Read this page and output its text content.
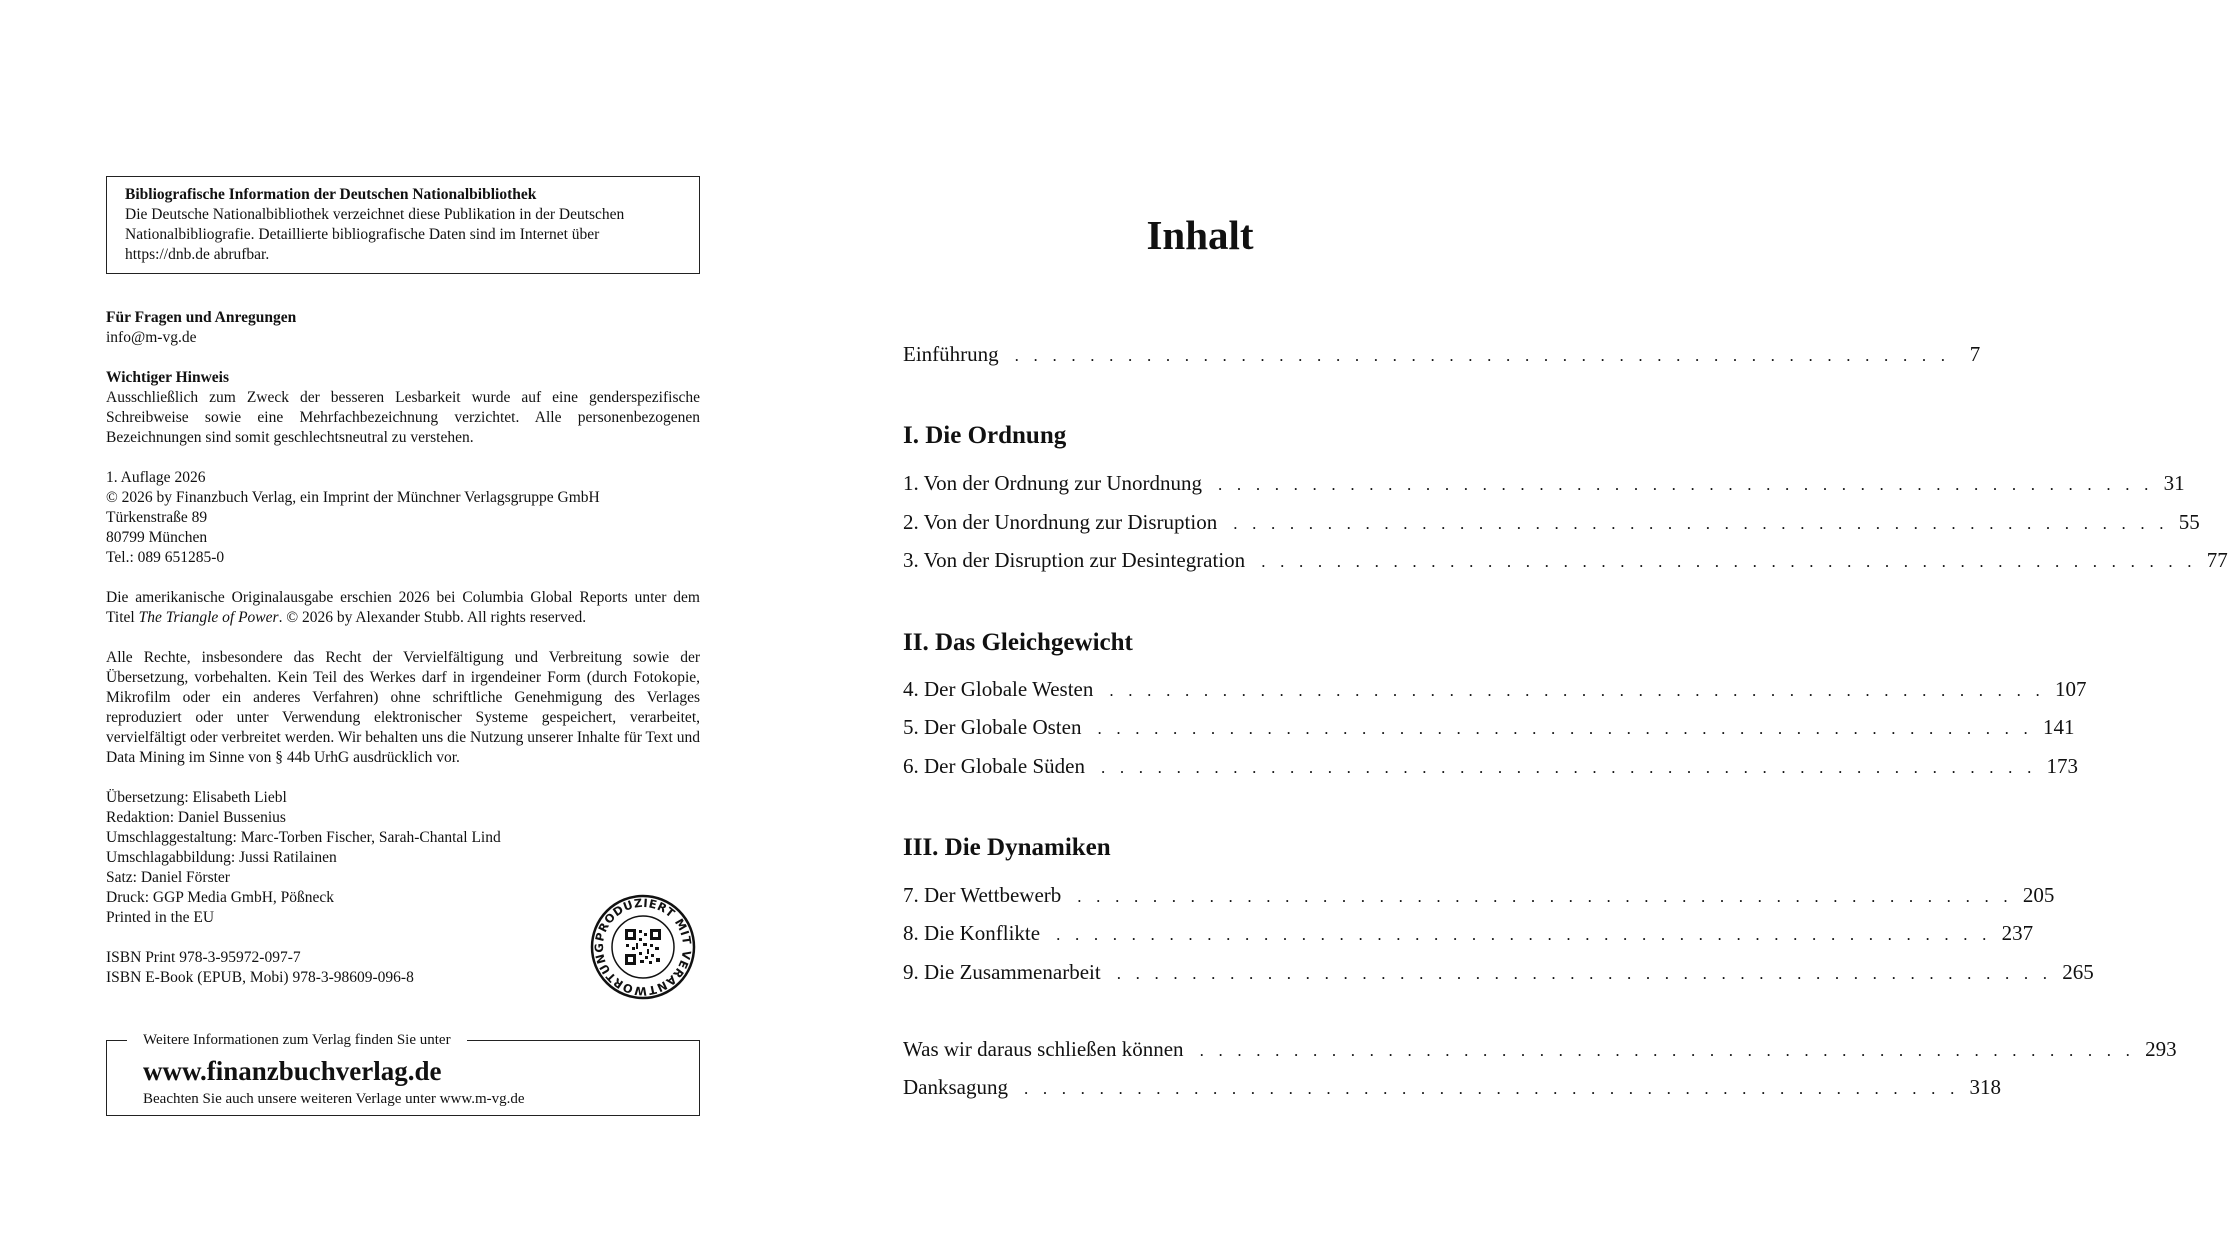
Bibliografische Information der Deutschen Nationalbibliothek
Die Deutsche Nationalbibliothek verzeichnet diese Publikation in der Deutschen
Nationalbibliografie. Detaillierte bibliografische Daten sind im Internet über
https://dnb.de abrufbar.
Für Fragen und Anregungen
info@m-vg.de
Wichtiger Hinweis
Ausschließlich zum Zweck der besseren Lesbarkeit wurde auf eine genderspezifische Schreibweise sowie eine Mehrfachbezeichnung verzichtet. Alle personenbezogenen Bezeichnungen sind somit geschlechtsneutral zu verstehen.
1. Auflage 2026
© 2026 by Finanzbuch Verlag, ein Imprint der Münchner Verlagsgruppe GmbH
Türkenstraße 89
80799 München
Tel.: 089 651285-0
Die amerikanische Originalausgabe erschien 2026 bei Columbia Global Reports unter dem Titel The Triangle of Power. © 2026 by Alexander Stubb. All rights reserved.
Alle Rechte, insbesondere das Recht der Vervielfältigung und Verbreitung sowie der Übersetzung, vorbehalten. Kein Teil des Werkes darf in irgendeiner Form (durch Fotokopie, Mikrofilm oder ein anderes Verfahren) ohne schriftliche Genehmigung des Verlages reproduziert oder unter Verwendung elektronischer Systeme gespeichert, verarbeitet, vervielfältigt oder verbreitet werden. Wir behalten uns die Nutzung unserer Inhalte für Text und Data Mining im Sinne von § 44b UrhG ausdrücklich vor.
Übersetzung: Elisabeth Liebl
Redaktion: Daniel Bussenius
Umschlaggestaltung: Marc-Torben Fischer, Sarah-Chantal Lind
Umschlagabbildung: Jussi Ratilainen
Satz: Daniel Förster
Druck: GGP Media GmbH, Pößneck
Printed in the EU
ISBN Print 978-3-95972-097-7
ISBN E-Book (EPUB, Mobi) 978-3-98609-096-8
PRODUZIERT MIT VERANTWORTUNG
Weitere Informationen zum Verlag finden Sie unter
www.finanzbuchverlag.de
Beachten Sie auch unsere weiteren Verlage unter www.m-vg.de
Inhalt
Einführung . . . . . . . . . . . . . . . . . . . . . . . . . . . . . . . . . . . . . . . . . . . . . . . . . . 7
I. Die Ordnung
1. Von der Ordnung zur Unordnung . . . . . . . . . . . . . . . . . . . . . . . . . . . . . . . . . . . . . . . . . . . . . . . . . . 31
2. Von der Unordnung zur Disruption . . . . . . . . . . . . . . . . . . . . . . . . . . . . . . . . . . . . . . . . . . . . . . . . . . 55
3. Von der Disruption zur Desintegration . . . . . . . . . . . . . . . . . . . . . . . . . . . . . . . . . . . . . . . . . . . . . . . . . . 77
II. Das Gleichgewicht
4. Der Globale Westen . . . . . . . . . . . . . . . . . . . . . . . . . . . . . . . . . . . . . . . . . . . . . . . . . . 107
5. Der Globale Osten . . . . . . . . . . . . . . . . . . . . . . . . . . . . . . . . . . . . . . . . . . . . . . . . . . 141
6. Der Globale Süden . . . . . . . . . . . . . . . . . . . . . . . . . . . . . . . . . . . . . . . . . . . . . . . . . . 173
III. Die Dynamiken
7. Der Wettbewerb . . . . . . . . . . . . . . . . . . . . . . . . . . . . . . . . . . . . . . . . . . . . . . . . . . 205
8. Die Konflikte . . . . . . . . . . . . . . . . . . . . . . . . . . . . . . . . . . . . . . . . . . . . . . . . . . 237
9. Die Zusammenarbeit . . . . . . . . . . . . . . . . . . . . . . . . . . . . . . . . . . . . . . . . . . . . . . . . . . 265
Was wir daraus schließen können . . . . . . . . . . . . . . . . . . . . . . . . . . . . . . . . . . . . . . . . . . . . . . . . . . 293
Danksagung . . . . . . . . . . . . . . . . . . . . . . . . . . . . . . . . . . . . . . . . . . . . . . . . . . 318
